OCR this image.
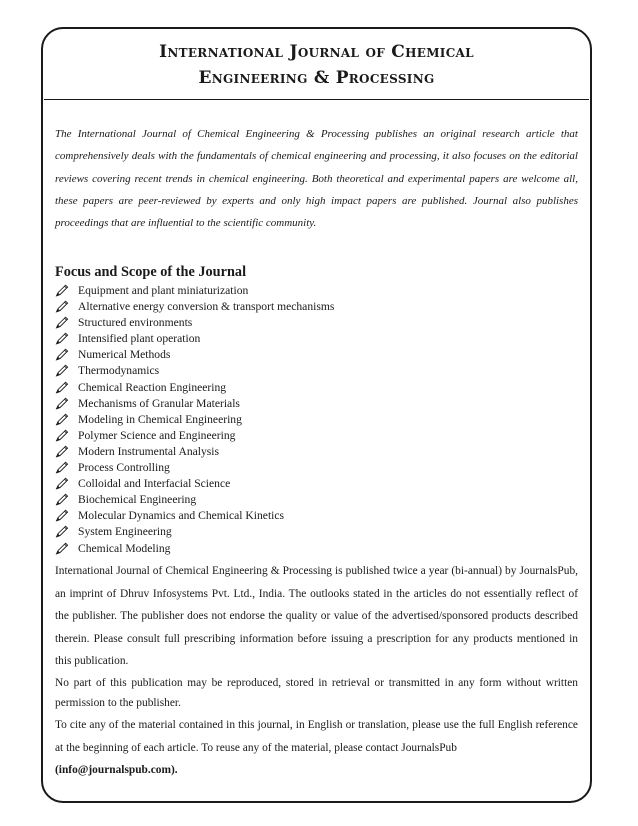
International Journal of Chemical
Engineering & Processing

The International Journal of Chemical Engineering & Processing publishes an original research article that comprehensively deals with the fundamentals of chemical engineering and processing, it also focuses on the editorial reviews covering recent trends in chemical engineering. Both theoretical and experimental papers are welcome all, these papers are peer-reviewed by experts and only high impact papers are published. Journal also publishes proceedings that are influential to the scientific community.

Focus and Scope of the Journal
Equipment and plant miniaturization
Alternative energy conversion & transport mechanisms
Structured environments
Intensified plant operation
Numerical Methods
Thermodynamics
Chemical Reaction Engineering
Mechanisms of Granular Materials
Modeling in Chemical Engineering
Polymer Science and Engineering
Modern Instrumental Analysis
Process Controlling
Colloidal and Interfacial Science
Biochemical Engineering
Molecular Dynamics and Chemical Kinetics
System Engineering
Chemical Modeling

International Journal of Chemical Engineering & Processing is published twice a year (bi-annual) by JournalsPub, an imprint of Dhruv Infosystems Pvt. Ltd., India. The outlooks stated in the articles do not essentially reflect of the publisher. The publisher does not endorse the quality or value of the advertised/sponsored products described therein. Please consult full prescribing information before issuing a prescription for any products mentioned in this publication.

No part of this publication may be reproduced, stored in retrieval or transmitted in any form without written permission to the publisher.

To cite any of the material contained in this journal, in English or translation, please use the full English reference at the beginning of each article. To reuse any of the material, please contact JournalsPub
(info@journalspub.com).
